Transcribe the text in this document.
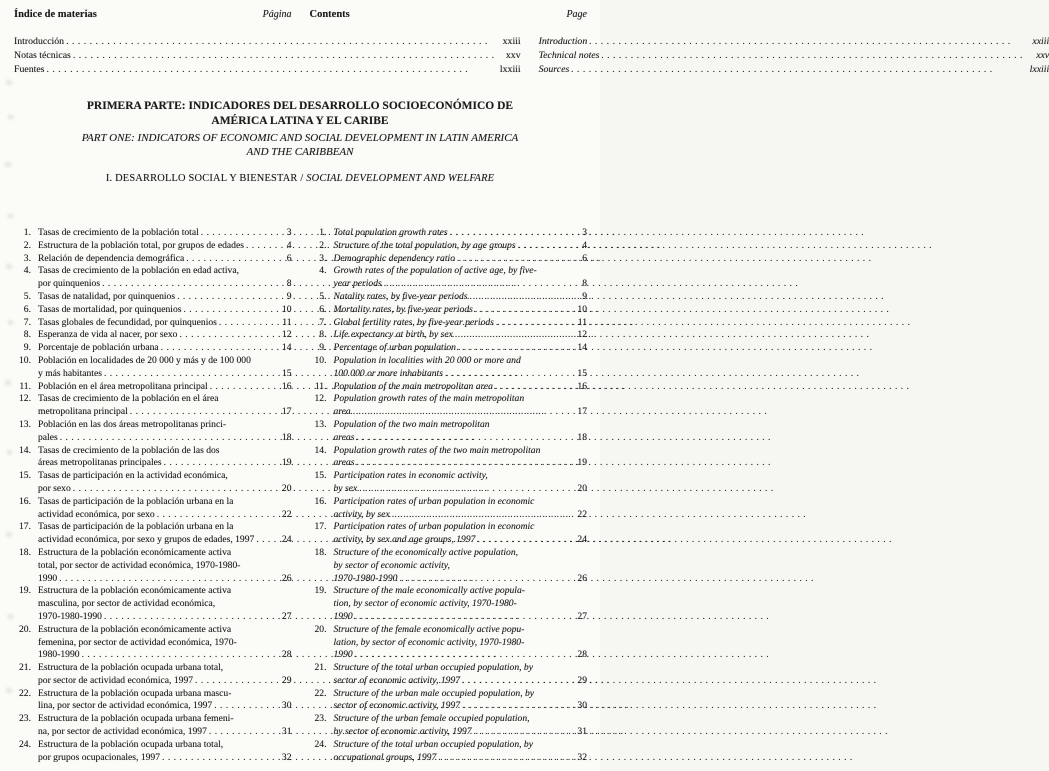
Índice de materias	Página Contents	Page
Introducción . . .	xxiii
Notas técnicas . . .	xxv
Fuentes . . .	lxxiii
Introduction . . .	xxiii
Technical notes . . .	xxv
Sources . . .	lxxiii
PRIMERA PARTE: INDICADORES DEL DESARROLLO SOCIOECONÓMICO DE
AMÉRICA LATINA Y EL CARIBE
PART ONE: INDICATORS OF ECONOMIC AND SOCIAL DEVELOPMENT IN LATIN AMERICA
AND THE CARIBBEAN
I. DESARROLLO SOCIAL Y BIENESTAR / SOCIAL DEVELOPMENT AND WELFARE
1. Tasas de crecimiento de la población total . . .	3
2. Estructura de la población total, por grupos de edades . . .	4
3. Relación de dependencia demográfica . . .	6
4. Tasas de crecimiento de la población en edad activa,
por quinquenios . . .	8
5. Tasas de natalidad, por quinquenios . . .	9
6. Tasas de mortalidad, por quinquenios . . .	10
7. Tasas globales de fecundidad, por quinquenios . . .	11
8. Esperanza de vida al nacer, por sexo . . .	12
9. Porcentaje de población urbana . . .	14
10. Población en localidades de 20 000 y más y de 100 000
y más habitantes . . .	15
11. Población en el área metropolitana principal . . .	16
12. Tasas de crecimiento de la población en el área
metropolitana principal . . .	17
13. Población en las dos áreas metropolitanas princi-
pales . . .	18
14. Tasas de crecimiento de la población de las dos
áreas metropolitanas principales . . .	19
15. Tasas de participación en la actividad económica,
por sexo . . .	20
16. Tasas de participación de la población urbana en la
actividad económica, por sexo . . .	22
17. Tasas de participación de la población urbana en la
actividad económica, por sexo y grupos de edades, 1997 . . .	24
18. Estructura de la población económicamente activa
total, por sector de actividad económica, 1970-1980-
1990 . . .	26
19. Estructura de la población económicamente activa
masculina, por sector de actividad económica,
1970-1980-1990 . . .	27
20. Estructura de la población económicamente activa
femenina, por sector de actividad económica, 1970-
1980-1990 . . .	28
21. Estructura de la población ocupada urbana total,
por sector de actividad económica, 1997 . . .	29
22. Estructura de la población ocupada urbana mascu-
lina, por sector de actividad económica, 1997 . . .	30
23. Estructura de la población ocupada urbana femeni-
na, por sector de actividad económica, 1997 . . .	31
24. Estructura de la población ocupada urbana total,
por grupos ocupacionales, 1997 . . .	32
1. Total population growth rates . . .	3
2. Structure of the total population, by age groups . . .	4
3. Demographic dependency ratio . . .	6
4. Growth rates of the population of active age, by five-
year periods . . .	8
5. Natality rates, by five-year periods . . .	9
6. Mortality rates, by five-year periods . . .	10
7. Global fertility rates, by five-year periods . . .	11
8. Life expectancy at birth, by sex . . .	12
9. Percentage of urban population . . .	14
10. Population in localities with 20 000 or more and
100 000 or more inhabitants . . .	15
11. Population of the main metropolitan area . . .	16
12. Population growth rates of the main metropolitan
area . . .	17
13. Population of the two main metropolitan
areas . . .	18
14. Population growth rates of the two main metropolitan
areas . . .	19
15. Participation rates in economic activity,
by sex . . .	20
16. Participation rates of urban population in economic
activity, by sex . . .	22
17. Participation rates of urban population in economic
activity, by sex and age groups, 1997 . . .	24
18. Structure of the economically active population,
by sector of economic activity,
1970-1980-1990 . . .	26
19. Structure of the male economically active popula-
tion, by sector of economic activity, 1970-1980-
1990 . . .	27
20. Structure of the female economically active popu-
lation, by sector of economic activity, 1970-1980-
1990 . . .	28
21. Structure of the total urban occupied population, by
sector of economic activity, 1997 . . .	29
22. Structure of the urban male occupied population, by
sector of economic activity, 1997 . . .	30
23. Structure of the urban female occupied population,
by sector of economic activity, 1997 . . .	31
24. Structure of the total urban occupied population, by
occupational groups, 1997 . . .	32
